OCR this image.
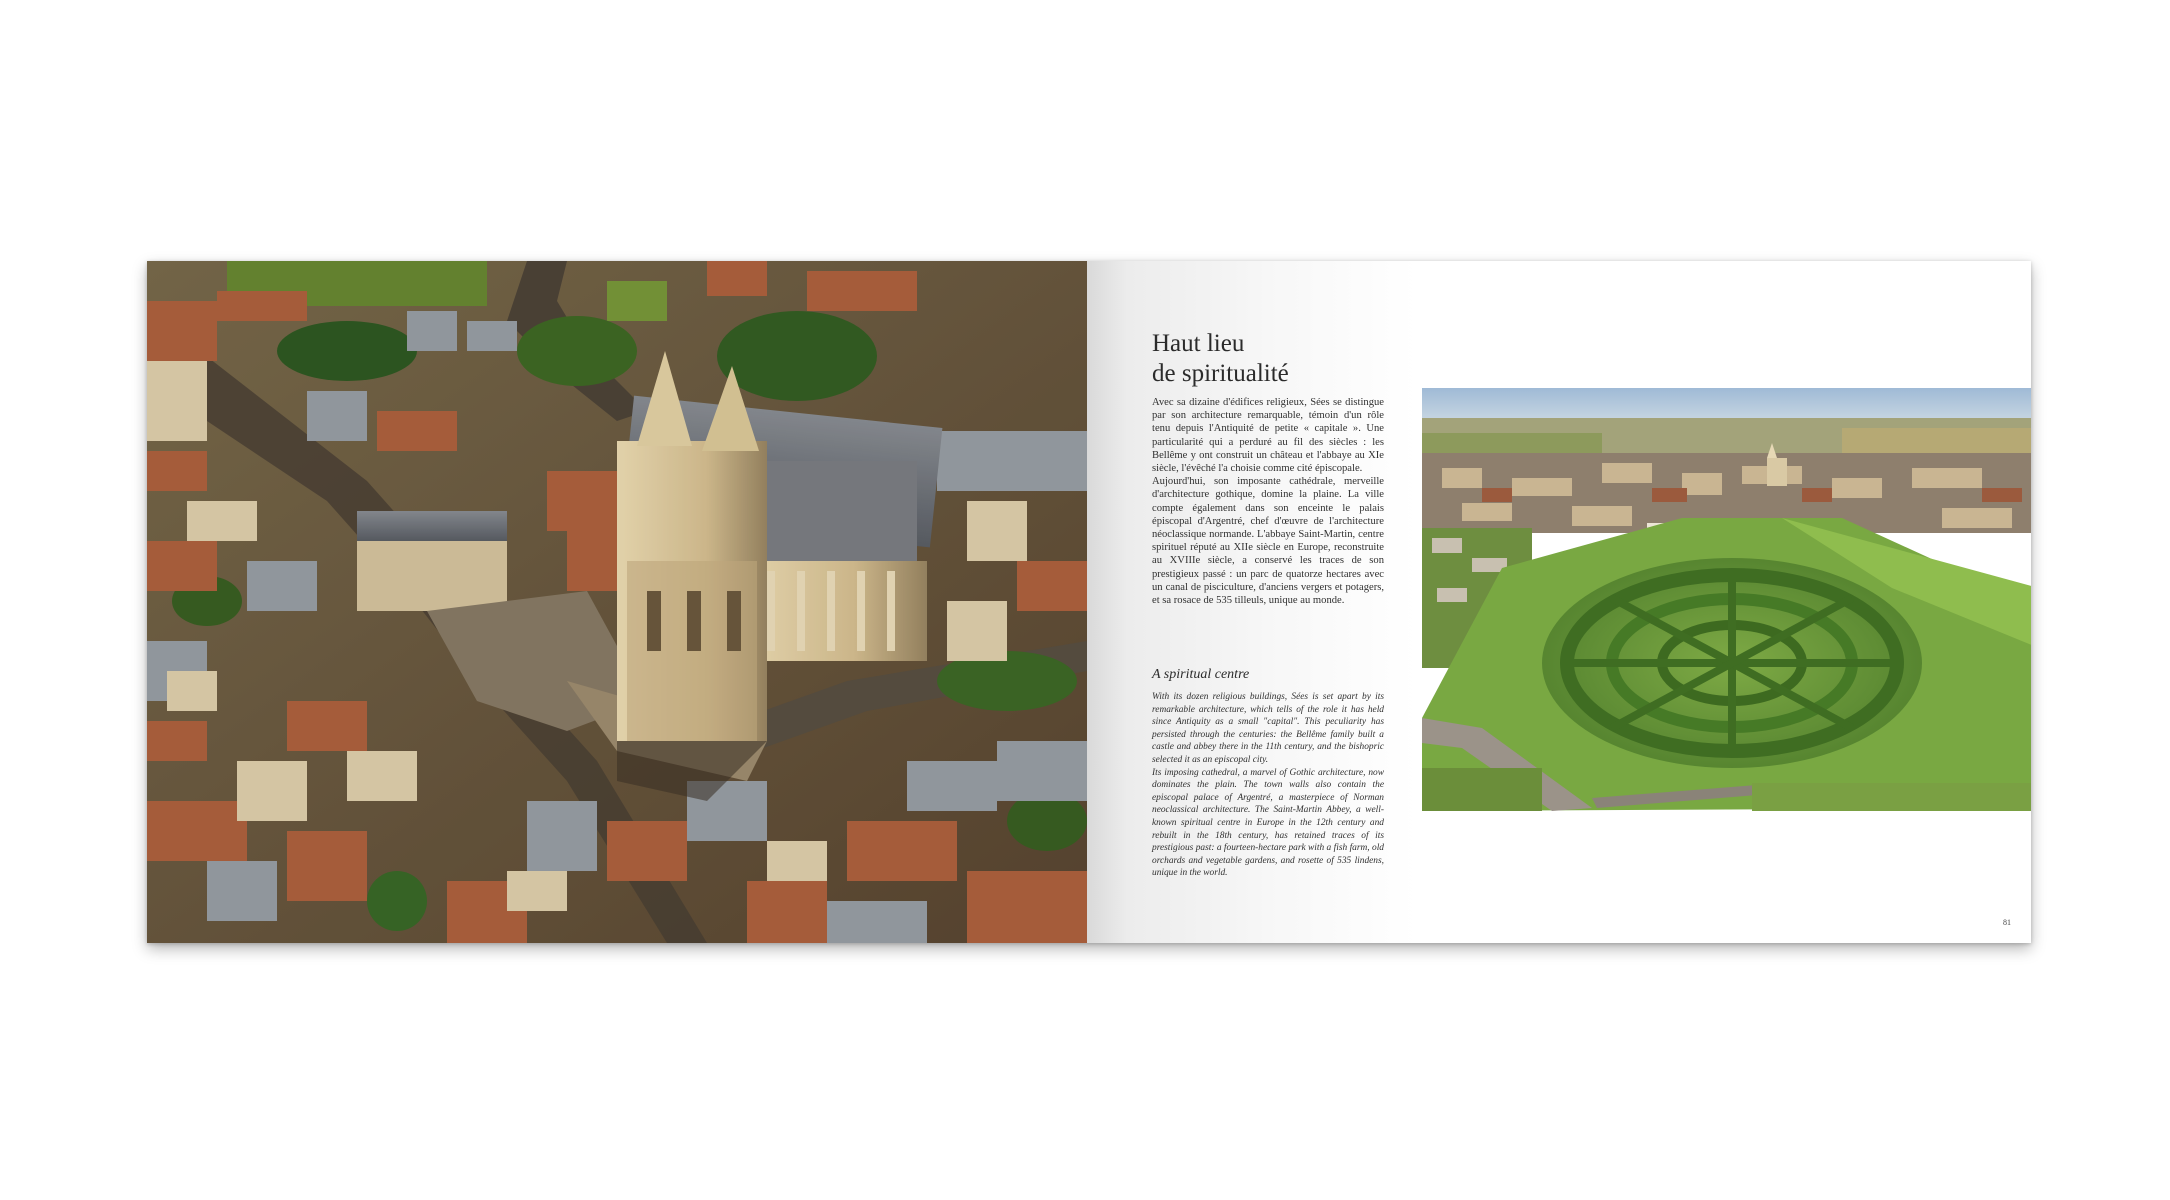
Haut lieu
de spiritualité

Avec sa dizaine d'édifices religieux, Sées se distingue par son architecture remarquable, témoin d'un rôle tenu depuis l'Antiquité de petite « capitale ». Une particularité qui a perduré au fil des siècles : les Bellême y ont construit un château et l'abbaye au XIe siècle, l'évêché l'a choisie comme cité épiscopale.

Aujourd'hui, son imposante cathédrale, merveille d'architecture gothique, domine la plaine. La ville compte également dans son enceinte le palais épiscopal d'Argentré, chef d'œuvre de l'architecture néoclassique normande. L'abbaye Saint-Martin, centre spirituel réputé au XIIe siècle en Europe, reconstruite au XVIIIe siècle, a conservé les traces de son prestigieux passé : un parc de quatorze hectares avec un canal de pisciculture, d'anciens vergers et potagers, et sa rosace de 535 tilleuls, unique au monde.

A spiritual centre

With its dozen religious buildings, Sées is set apart by its remarkable architecture, which tells of the role it has held since Antiquity as a small "capital". This peculiarity has persisted through the centuries: the Bellême family built a castle and abbey there in the 11th century, and the bishopric selected it as an episcopal city.

Its imposing cathedral, a marvel of Gothic architecture, now dominates the plain. The town walls also contain the episcopal palace of Argentré, a masterpiece of Norman neoclassical architecture. The Saint-Martin Abbey, a well-known spiritual centre in Europe in the 12th century and rebuilt in the 18th century, has retained traces of its prestigious past: a fourteen-hectare park with a fish farm, old orchards and vegetable gardens, and rosette of 535 lindens, unique in the world.

81
